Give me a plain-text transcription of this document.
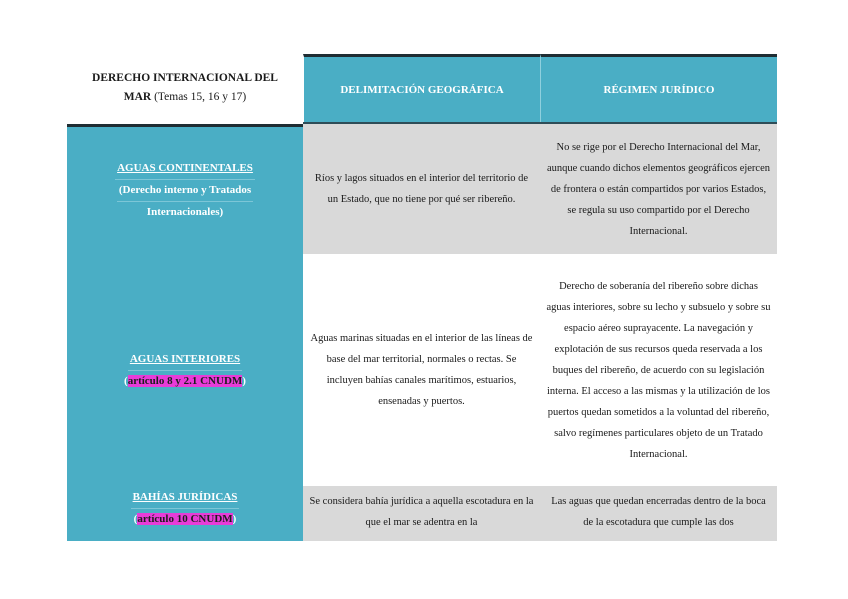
DERECHO INTERNACIONAL DEL
MAR (Temas 15, 16 y 17)
DELIMITACIÓN GEOGRÁFICA	RÉGIMEN JURÍDICO
AGUAS CONTINENTALES
(Derecho interno y Tratados
Internacionales)
Ríos y lagos situados en el interior del territorio de un Estado, que no tiene por qué ser ribereño.
No se rige por el Derecho Internacional del Mar, aunque cuando dichos elementos geográficos ejercen de frontera o están compartidos por varios Estados, se regula su uso compartido por el Derecho Internacional.
AGUAS INTERIORES
(artículo 8 y 2.1 CNUDM)
Aguas marinas situadas en el interior de las líneas de base del mar territorial, normales o rectas. Se incluyen bahías canales marítimos, estuarios, ensenadas y puertos.
Derecho de soberanía del ribereño sobre dichas aguas interiores, sobre su lecho y subsuelo y sobre su espacio aéreo suprayacente. La navegación y explotación de sus recursos queda reservada a los buques del ribereño, de acuerdo con su legislación interna. El acceso a las mismas y la utilización de los puertos quedan sometidos a la voluntad del ribereño, salvo regímenes particulares objeto de un Tratado Internacional.
BAHÍAS JURÍDICAS
(artículo 10 CNUDM)
Se considera bahía jurídica a aquella escotadura en la que el mar se adentra en la
Las aguas que quedan encerradas dentro de la boca de la escotadura que cumple las dos
